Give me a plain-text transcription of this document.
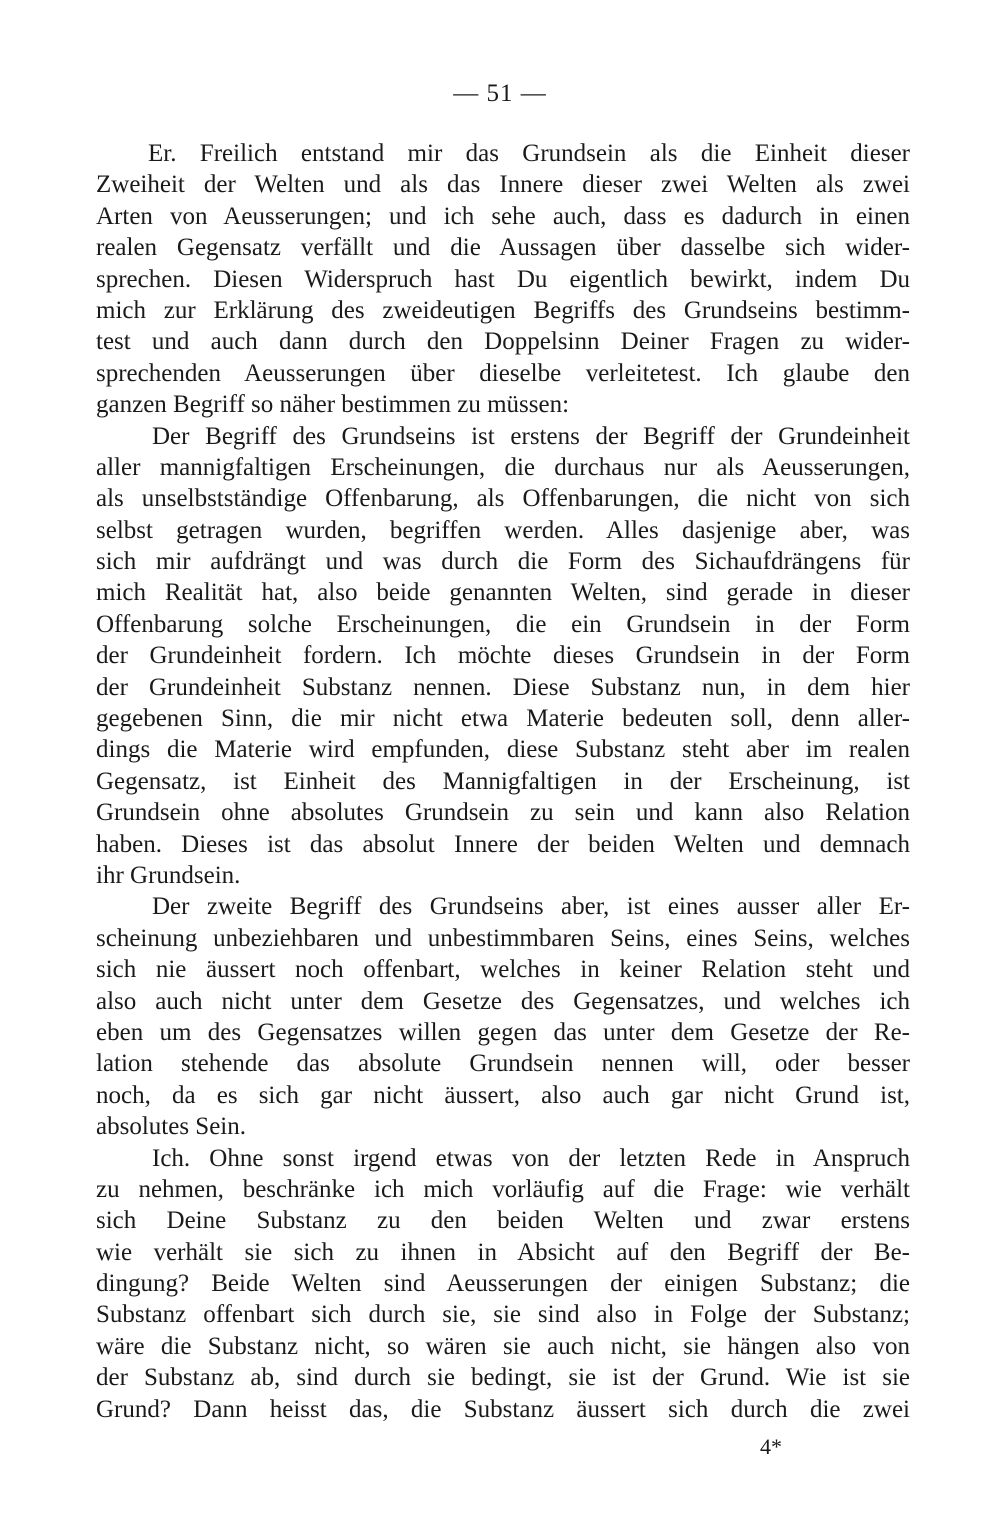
— 51 —
Er. Freilich entstand mir das Grundsein als die Einheit dieser
Zweiheit der Welten und als das Innere dieser zwei Welten als zwei
Arten von Aeusserungen; und ich sehe auch, dass es dadurch in einen
realen Gegensatz verfällt und die Aussagen über dasselbe sich wider-
sprechen. Diesen Widerspruch hast Du eigentlich bewirkt, indem Du
mich zur Erklärung des zweideutigen Begriffs des Grundseins bestimm-
test und auch dann durch den Doppelsinn Deiner Fragen zu wider-
sprechenden Aeusserungen über dieselbe verleitetest. Ich glaube den
ganzen Begriff so näher bestimmen zu müssen:
Der Begriff des Grundseins ist erstens der Begriff der Grundeinheit
aller mannigfaltigen Erscheinungen, die durchaus nur als Aeusserungen,
als unselbstständige Offenbarung, als Offenbarungen, die nicht von sich
selbst getragen wurden, begriffen werden. Alles dasjenige aber, was
sich mir aufdrängt und was durch die Form des Sichaufdrängens für
mich Realität hat, also beide genannten Welten, sind gerade in dieser
Offenbarung solche Erscheinungen, die ein Grundsein in der Form
der Grundeinheit fordern. Ich möchte dieses Grundsein in der Form
der Grundeinheit Substanz nennen. Diese Substanz nun, in dem hier
gegebenen Sinn, die mir nicht etwa Materie bedeuten soll, denn aller-
dings die Materie wird empfunden, diese Substanz steht aber im realen
Gegensatz, ist Einheit des Mannigfaltigen in der Erscheinung, ist
Grundsein ohne absolutes Grundsein zu sein und kann also Relation
haben. Dieses ist das absolut Innere der beiden Welten und demnach
ihr Grundsein.
Der zweite Begriff des Grundseins aber, ist eines ausser aller Er-
scheinung unbeziehbaren und unbestimmbaren Seins, eines Seins, welches
sich nie äussert noch offenbart, welches in keiner Relation steht und
also auch nicht unter dem Gesetze des Gegensatzes, und welches ich
eben um des Gegensatzes willen gegen das unter dem Gesetze der Re-
lation stehende das absolute Grundsein nennen will, oder besser
noch, da es sich gar nicht äussert, also auch gar nicht Grund ist,
absolutes Sein.
Ich. Ohne sonst irgend etwas von der letzten Rede in Anspruch
zu nehmen, beschränke ich mich vorläufig auf die Frage: wie verhält
sich Deine Substanz zu den beiden Welten und zwar erstens
wie verhält sie sich zu ihnen in Absicht auf den Begriff der Be-
dingung? Beide Welten sind Aeusserungen der einigen Substanz; die
Substanz offenbart sich durch sie, sie sind also in Folge der Substanz;
wäre die Substanz nicht, so wären sie auch nicht, sie hängen also von
der Substanz ab, sind durch sie bedingt, sie ist der Grund. Wie ist sie
Grund? Dann heisst das, die Substanz äussert sich durch die zwei
4*
